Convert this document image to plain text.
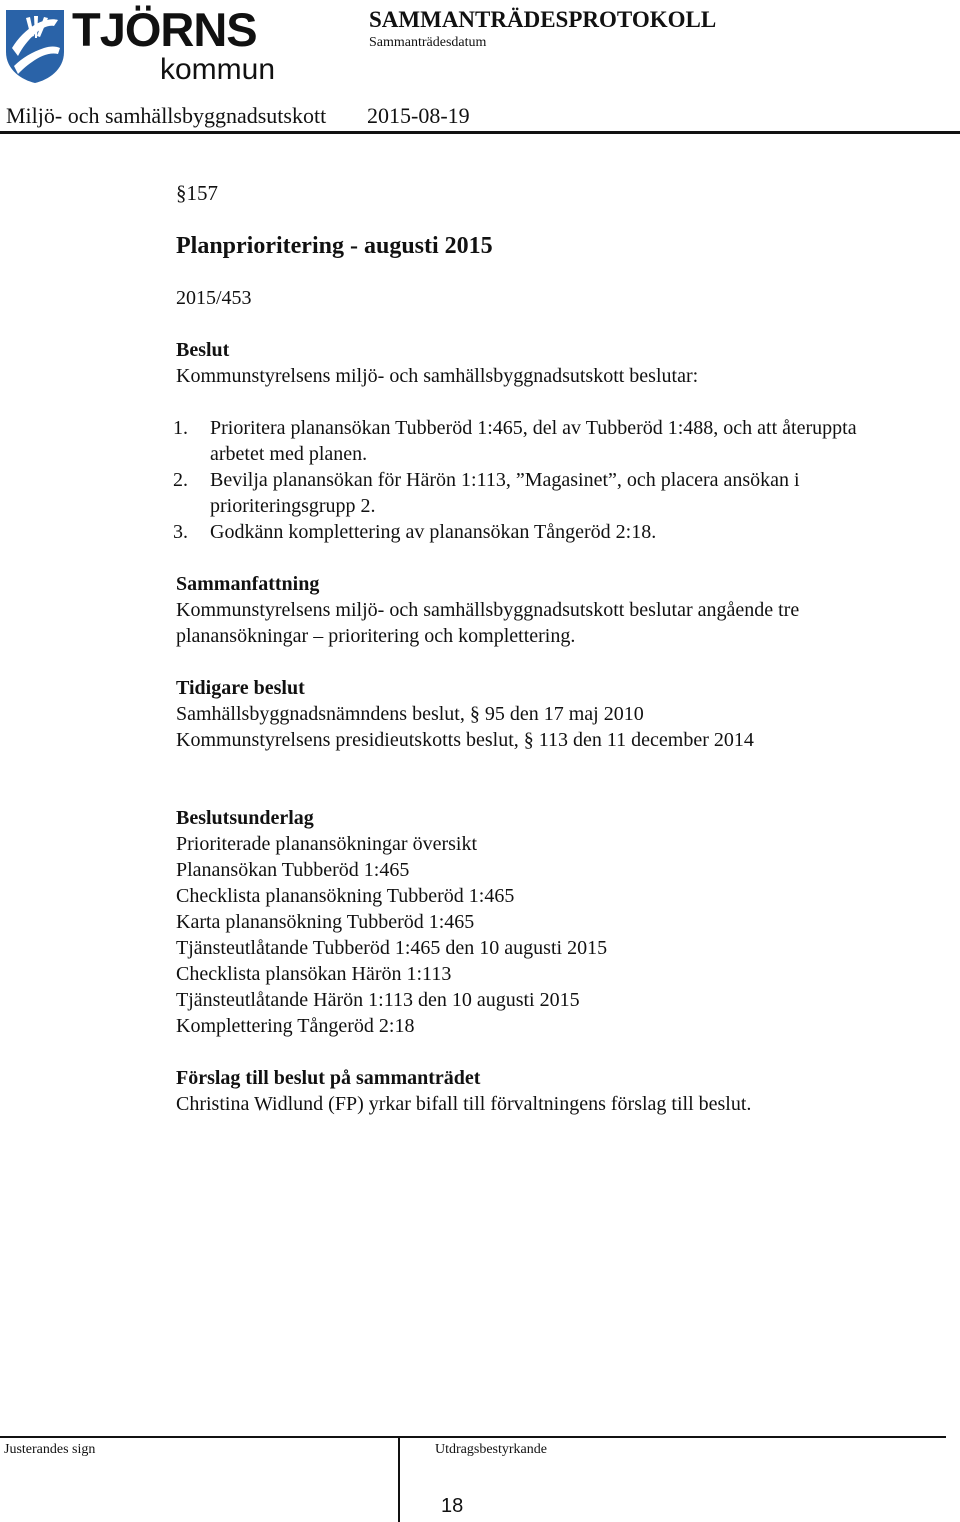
TJÖRNS
kommun
SAMMANTRÄDESPROTOKOLL
Sammanträdesdatum
Miljö- och samhällsbyggnadsutskott 2015-08-19

§157

Planprioritering - augusti 2015

2015/453

Beslut
Kommunstyrelsens miljö- och samhällsbyggnadsutskott beslutar:
1. Prioritera planansökan Tubberöd 1:465, del av Tubberöd 1:488, och att återuppta
arbetet med planen.
2. Bevilja planansökan för Härön 1:113, ”Magasinet”, och placera ansökan i
prioriteringsgrupp 2.
3. Godkänn komplettering av planansökan Tångeröd 2:18.
Sammanfattning
Kommunstyrelsens miljö- och samhällsbyggnadsutskott beslutar angående tre
planansökningar – prioritering och komplettering.
Tidigare beslut
Samhällsbyggnadsnämndens beslut, § 95 den 17 maj 2010
Kommunstyrelsens presidieutskotts beslut, § 113 den 11 december 2014
Beslutsunderlag
Prioriterade planansökningar översikt
Planansökan Tubberöd 1:465
Checklista planansökning Tubberöd 1:465
Karta planansökning Tubberöd 1:465
Tjänsteutlåtande Tubberöd 1:465 den 10 augusti 2015
Checklista plansökan Härön 1:113
Tjänsteutlåtande Härön 1:113 den 10 augusti 2015
Komplettering Tångeröd 2:18
Förslag till beslut på sammanträdet
Christina Widlund (FP) yrkar bifall till förvaltningens förslag till beslut.
Justerandes sign	Utdragsbestyrkande
18
